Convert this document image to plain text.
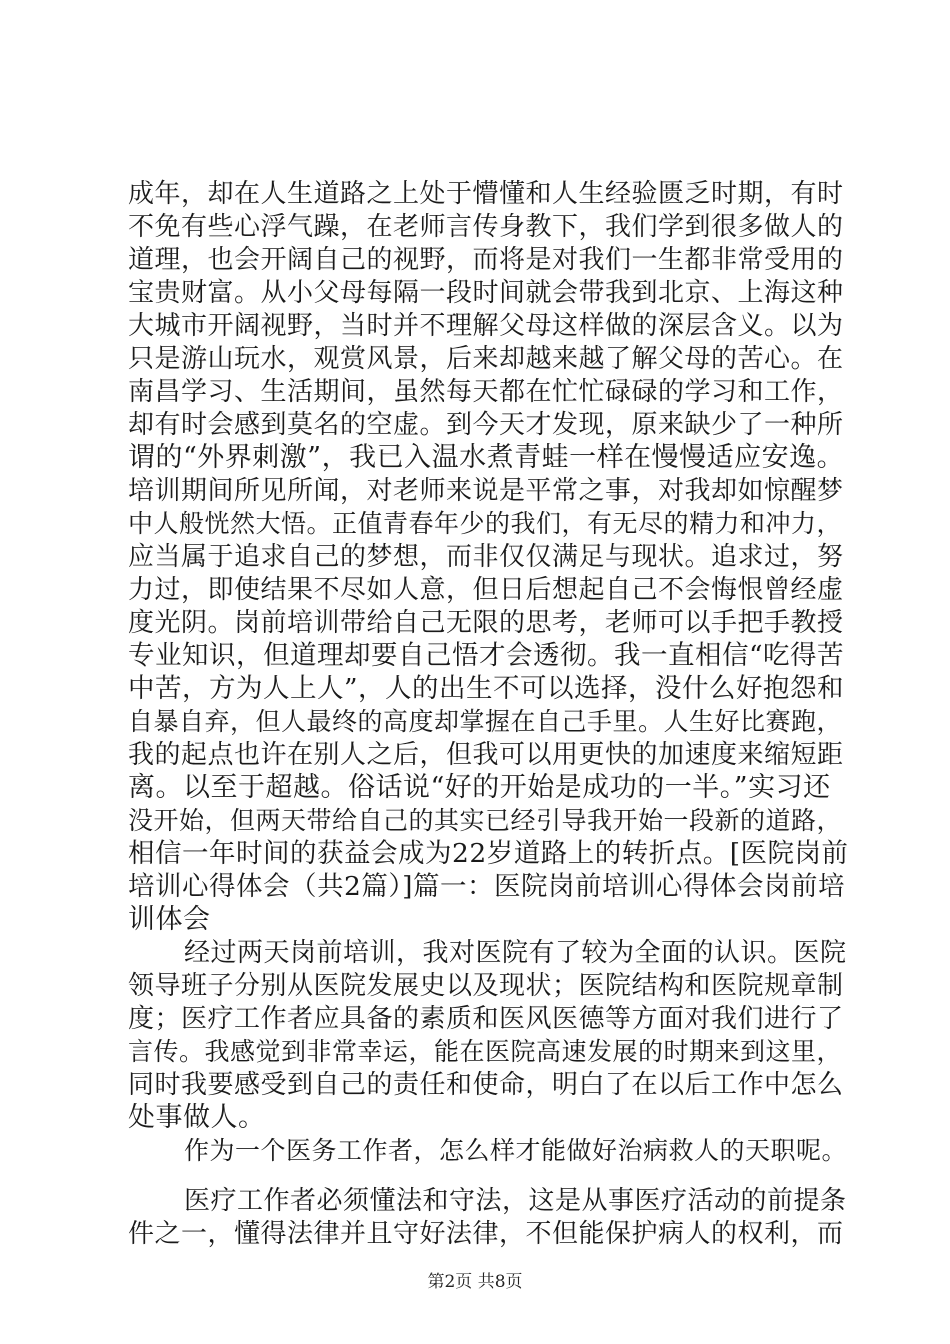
成年，却在人生道路之上处于懵懂和人生经验匮乏时期，有时
不免有些心浮气躁，在老师言传身教下，我们学到很多做人的
道理，也会开阔自己的视野，而将是对我们一生都非常受用的
宝贵财富。从小父母每隔一段时间就会带我到北京、上海这种
大城市开阔视野，当时并不理解父母这样做的深层含义。以为
只是游山玩水，观赏风景，后来却越来越了解父母的苦心。在
南昌学习、生活期间，虽然每天都在忙忙碌碌的学习和工作，
却有时会感到莫名的空虚。到今天才发现，原来缺少了一种所
谓的“外界刺激”，我已入温水煮青蛙一样在慢慢适应安逸。
培训期间所见所闻，对老师来说是平常之事，对我却如惊醒梦
中人般恍然大悟。正值青春年少的我们，有无尽的精力和冲力，
应当属于追求自己的梦想，而非仅仅满足与现状。追求过，努
力过，即使结果不尽如人意，但日后想起自己不会悔恨曾经虚
度光阴。岗前培训带给自己无限的思考，老师可以手把手教授
专业知识，但道理却要自己悟才会透彻。我一直相信“吃得苦
中苦，方为人上人”，人的出生不可以选择，没什么好抱怨和
自暴自弃，但人最终的高度却掌握在自己手里。人生好比赛跑，
我的起点也许在别人之后，但我可以用更快的加速度来缩短距
离。以至于超越。俗话说“好的开始是成功的一半。”实习还
没开始，但两天带给自己的其实已经引导我开始一段新的道路，
相信一年时间的获益会成为22岁道路上的转折点。[医院岗前
培训心得体会（共2篇）]篇一：医院岗前培训心得体会岗前培
训体会
经过两天岗前培训，我对医院有了较为全面的认识。医院
领导班子分别从医院发展史以及现状；医院结构和医院规章制
度；医疗工作者应具备的素质和医风医德等方面对我们进行了
言传。我感觉到非常幸运，能在医院高速发展的时期来到这里，
同时我要感受到自己的责任和使命，明白了在以后工作中怎么
处事做人。
作为一个医务工作者，怎么样才能做好治病救人的天职呢。
医疗工作者必须懂法和守法，这是从事医疗活动的前提条
件之一，懂得法律并且守好法律，不但能保护病人的权利，而
第2页 共8页
